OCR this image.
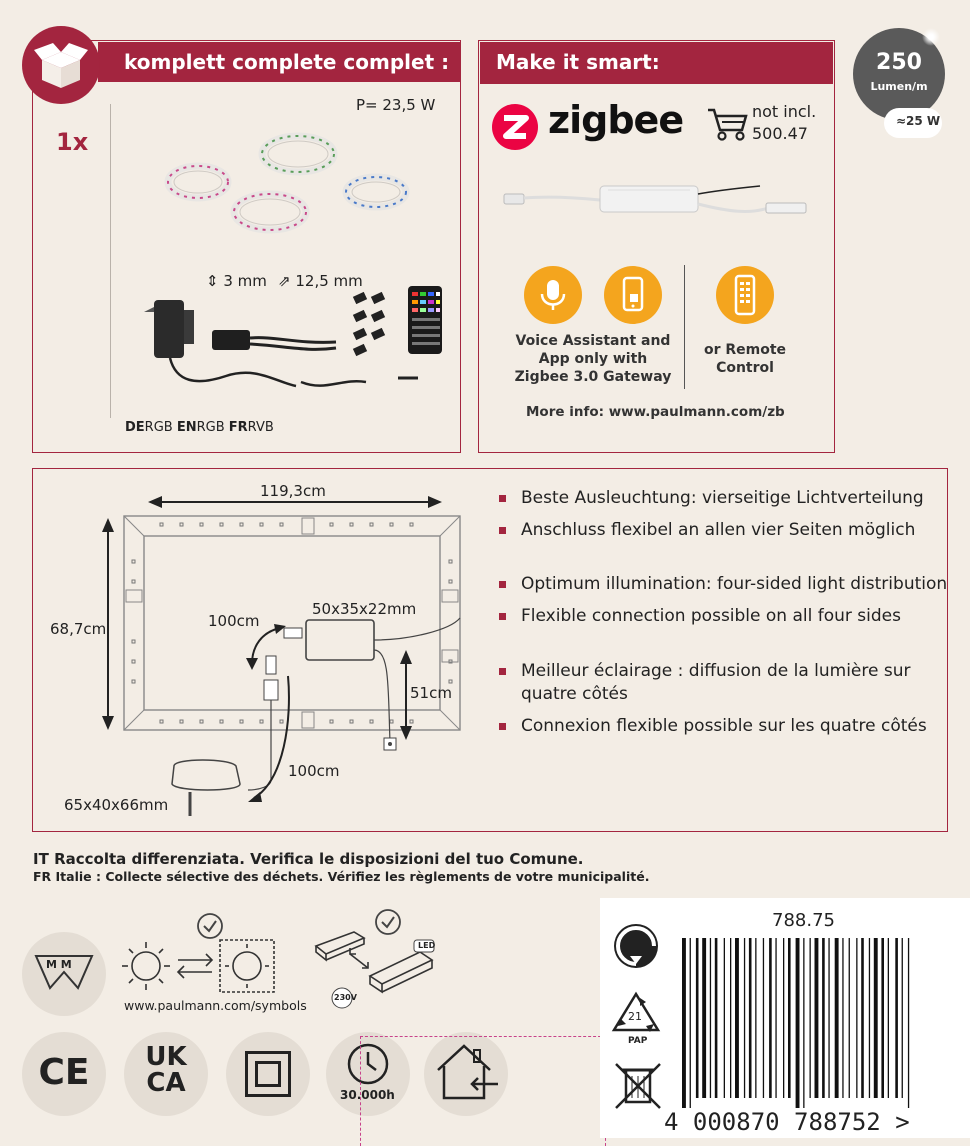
komplett complete complet :
1x
P= 23,5 W
⇕ 3 mm ⇗ 12,5 mm
DERGB ENRGB FRRVB
Make it smart:
zigbee	not incl.
500.47
Voice Assistant and
App only with
Zigbee 3.0 Gateway
or Remote
Control
More info: www.paulmann.com/zb
250
Lumen/m
≈25 W
119,3cm
68,7cm
50x35x22mm
100cm
51cm
100cm
65x40x66mm
Beste Ausleuchtung: vierseitige Lichtverteilung
Anschluss flexibel an allen vier Seiten möglich
Optimum illumination: four-sided light distribution
Flexible connection possible on all four sides
Meilleur éclairage : diffusion de la lumière sur
quatre côtés
Connexion flexible possible sur les quatre côtés
IT Raccolta differenziata. Verifica le disposizioni del tuo Comune.
FR Italie : Collecte sélective des déchets. Vérifiez les règlements de votre municipalité.
M M
www.paulmann.com/symbols
LED
230V
CE	UK
CA	30.000h
788.75
21
PAP
4 000870 788752 >
